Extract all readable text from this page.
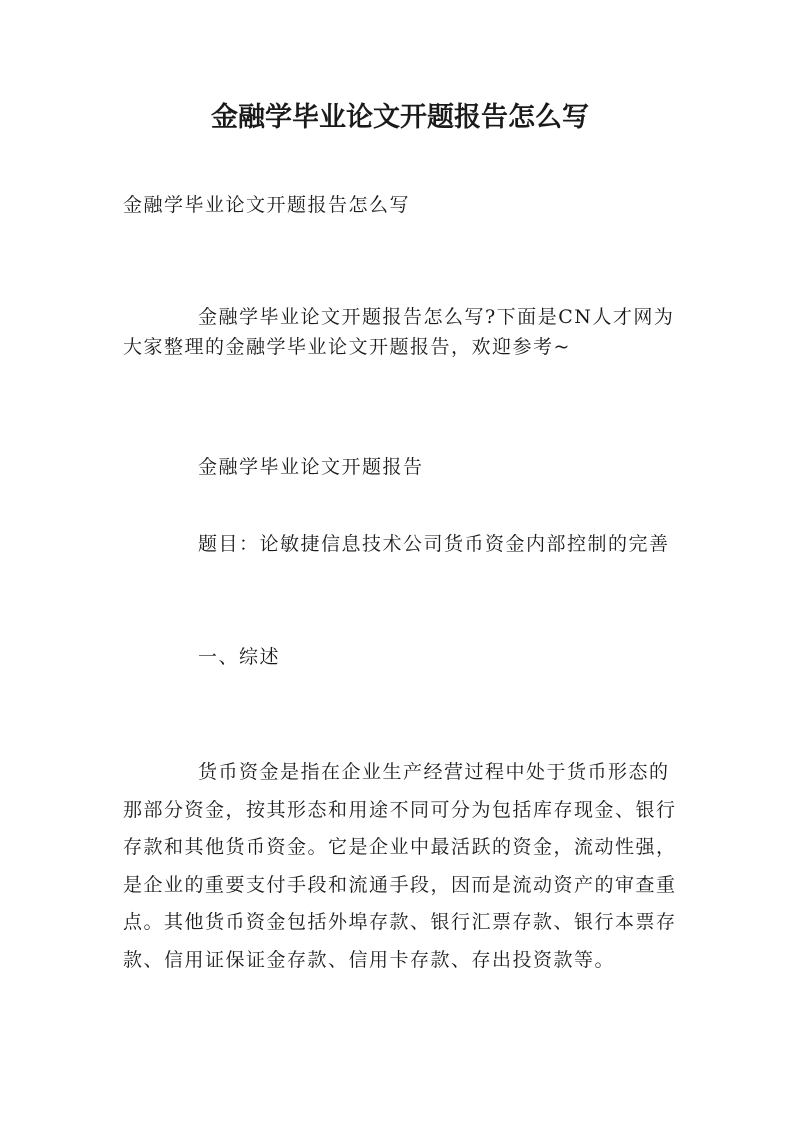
金融学毕业论文开题报告怎么写

金融学毕业论文开题报告怎么写

金融学毕业论文开题报告怎么写?下面是CN人才网为大家整理的金融学毕业论文开题报告，欢迎参考~

金融学毕业论文开题报告

题目：论敏捷信息技术公司货币资金内部控制的完善

一、综述

货币资金是指在企业生产经营过程中处于货币形态的那部分资金，按其形态和用途不同可分为包括库存现金、银行存款和其他货币资金。它是企业中最活跃的资金，流动性强，是企业的重要支付手段和流通手段，因而是流动资产的审查重点。其他货币资金包括外埠存款、银行汇票存款、银行本票存款、信用证保证金存款、信用卡存款、存出投资款等。
